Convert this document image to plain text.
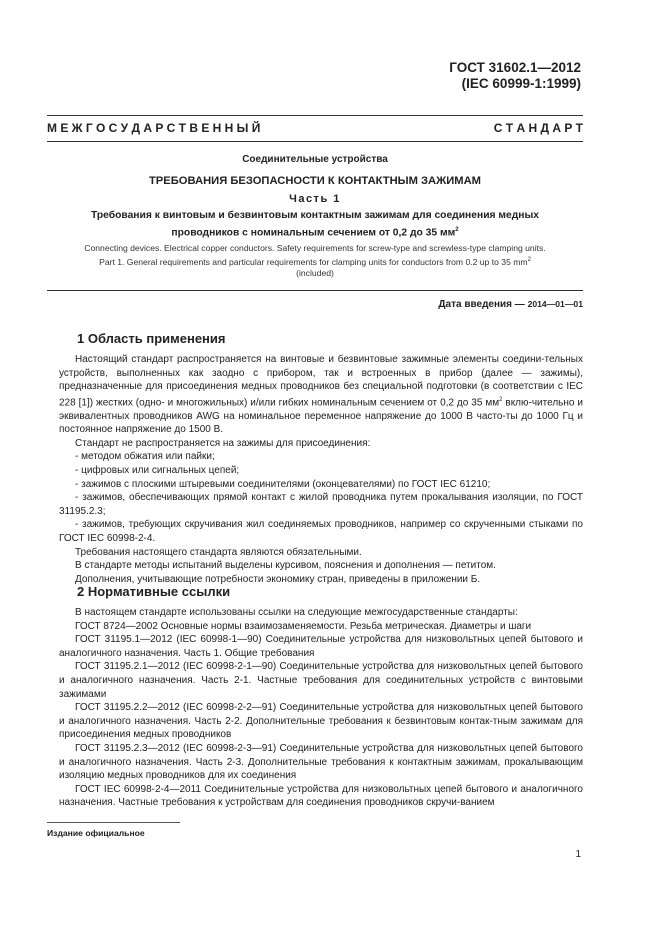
ГОСТ 31602.1—2012
(IEC 60999-1:1999)
М Е Ж Г О С У Д А Р С Т В Е Н Н Ы Й	С Т А Н Д А Р Т
Соединительные устройства
ТРЕБОВАНИЯ БЕЗОПАСНОСТИ К КОНТАКТНЫМ ЗАЖИМАМ
Часть 1
Требования к винтовым и безвинтовым контактным зажимам для соединения медных
проводников с номинальным сечением от 0,2 до 35 $мм^2$
Connecting devices. Electrical copper conductors. Safety requirements for screw-type and screwless-type clamping units.
Part 1. General requirements and particular requirements for clamping units for conductors from 0.2 up to 35 $mm^2$
(included)
Дата введения — 2014—01—01
1 Область применения

Настоящий стандарт распространяется на винтовые и безвинтовые зажимные элементы соедини-тельных устройств, выполненных как заодно с прибором, так и встроенных в прибор (далее — зажимы), предназначенные для присоединения медных проводников без специальной подготовки (в соответствии с IEC 228 [1]) жестких (одно- и многожильных) и/или гибких номинальным сечением от 0,2 до 35 $мм^2$ вклю-чительно и эквивалентных проводников AWG на номинальное переменное напряжение до 1000 В часто-ты до 1000 Гц и постоянное напряжение до 1500 В.

Стандарт не распространяется на зажимы для присоединения:

- методом обжатия или пайки;

- цифровых или сигнальных цепей;

- зажимов с плоскими штыревыми соединителями (оконцевателями) по ГОСТ IEC 61210;

- зажимов, обеспечивающих прямой контакт с жилой проводника путем прокалывания изоляции, по ГОСТ 31195.2.3;

- зажимов, требующих скручивания жил соединяемых проводников, например со скрученными стыками по ГОСТ IEC 60998-2-4.

Требования настоящего стандарта являются обязательными.

В стандарте методы испытаний выделены курсивом, пояснения и дополнения — петитом.

Дополнения, учитывающие потребности экономику стран, приведены в приложении Б.

2 Нормативные ссылки

В настоящем стандарте использованы ссылки на следующие межгосударственные стандарты:

ГОСТ 8724—2002 Основные нормы взаимозаменяемости. Резьба метрическая. Диаметры и шаги

ГОСТ 31195.1—2012 (IEC 60998-1—90) Соединительные устройства для низковольтных цепей бытового и аналогичного назначения. Часть 1. Общие требования

ГОСТ 31195.2.1—2012 (IEC 60998-2-1—90) Соединительные устройства для низковольтных цепей бытового и аналогичного назначения. Часть 2-1. Частные требования для соединительных устройств с винтовыми зажимами

ГОСТ 31195.2.2—2012 (IEC 60998-2-2—91) Соединительные устройства для низковольтных цепей бытового и аналогичного назначения. Часть 2-2. Дополнительные требования к безвинтовым контак-тным зажимам для присоединения медных проводников

ГОСТ 31195.2.3—2012 (IEC 60998-2-3—91) Соединительные устройства для низковольтных цепей бытового и аналогичного назначения. Часть 2-3. Дополнительные требования к контактным зажимам, прокалывающим изоляцию медных проводников для их соединения

ГОСТ IEC 60998-2-4—2011 Соединительные устройства для низковольтных цепей бытового и аналогичного назначения. Частные требования к устройствам для соединения проводников скручи-ванием

Издание официальное
1
